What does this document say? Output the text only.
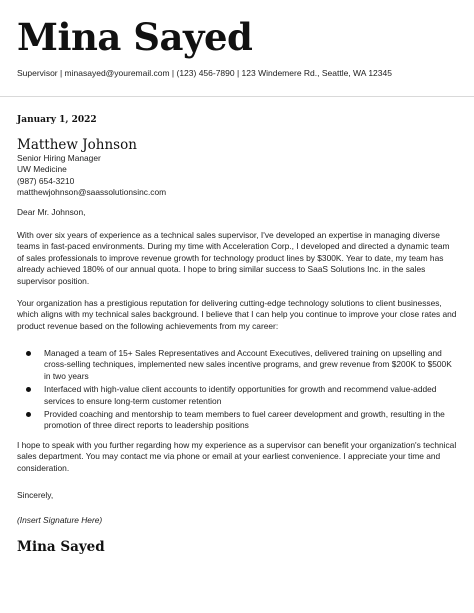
Mina Sayed
Supervisor | minasayed@youremail.com | (123) 456-7890 | 123 Windemere Rd., Seattle, WA 12345

January 1, 2022

Matthew Johnson

Senior Hiring Manager
UW Medicine
(987) 654-3210
matthewjohnson@saassolutionsinc.com

Dear Mr. Johnson,

With over six years of experience as a technical sales supervisor, I've developed an expertise in managing diverse teams in fast-paced environments. During my time with Acceleration Corp., I developed and directed a dynamic team of sales professionals to improve revenue growth for technology product lines by $300K. Year to date, my team has already achieved 180% of our annual quota. I hope to bring similar success to SaaS Solutions Inc. in the sales supervisor position.

Your organization has a prestigious reputation for delivering cutting-edge technology solutions to client businesses, which aligns with my technical sales background. I believe that I can help you continue to improve your close rates and product revenue based on the following achievements from my career:

Managed a team of 15+ Sales Representatives and Account Executives, delivered training on upselling and cross-selling techniques, implemented new sales incentive programs, and grew revenue from $200K to $500K in two years
Interfaced with high-value client accounts to identify opportunities for growth and recommend value-added services to ensure long-term customer retention
Provided coaching and mentorship to team members to fuel career development and growth, resulting in the promotion of three direct reports to leadership positions

I hope to speak with you further regarding how my experience as a supervisor can benefit your organization's technical sales department. You may contact me via phone or email at your earliest convenience. I appreciate your time and consideration.

Sincerely,

(Insert Signature Here)

Mina Sayed
